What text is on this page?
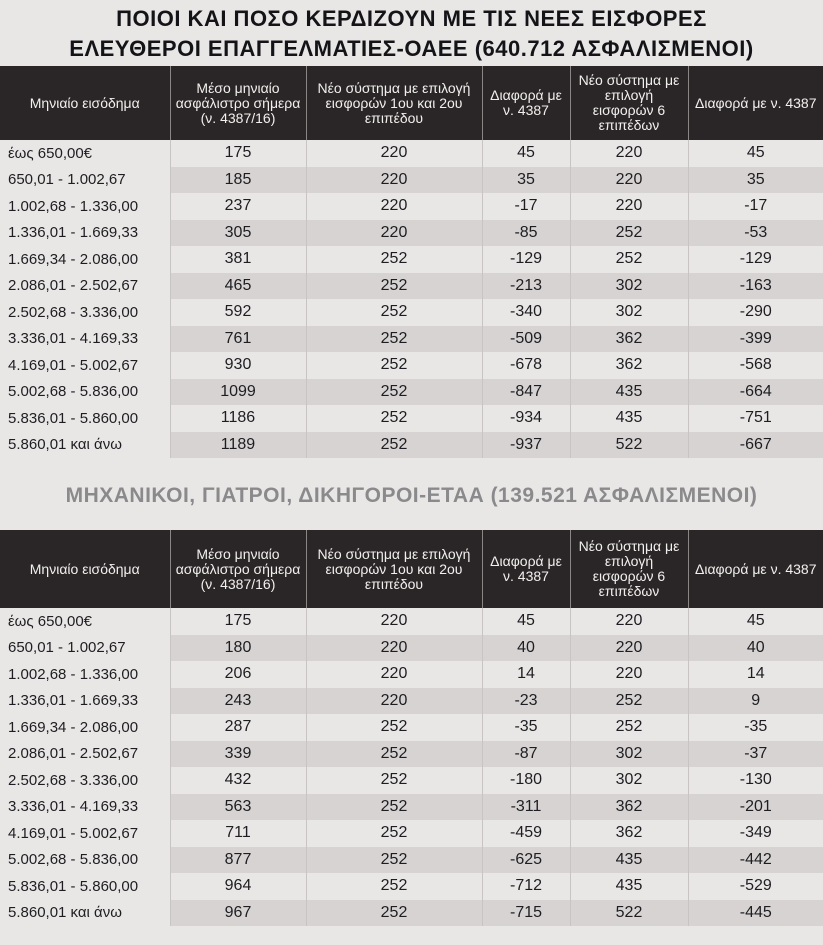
ΠΟΙΟΙ ΚΑΙ ΠΟΣΟ ΚΕΡΔΙΖΟΥΝ ΜΕ ΤΙΣ ΝΕΕΣ ΕΙΣΦΟΡΕΣ
ΕΛΕΥΘΕΡΟΙ ΕΠΑΓΓΕΛΜΑΤΙΕΣ-ΟΑΕΕ (640.712 ΑΣΦΑΛΙΣΜΕΝΟΙ)
Μηνιαίο εισόδημα	Μέσο μηνιαίο ασφάλιστρο σήμερα (ν. 4387/16)	Νέο σύστημα με επιλογή εισφορών 1ου και 2ου επιπέδου	Διαφορά με ν. 4387	Νέο σύστημα με επιλογή εισφορών 6 επιπέδων	Διαφορά με ν. 4387
έως 650,00€	175	220	45	220	45
650,01 - 1.002,67	185	220	35	220	35
1.002,68 - 1.336,00	237	220	-17	220	-17
1.336,01 - 1.669,33	305	220	-85	252	-53
1.669,34 - 2.086,00	381	252	-129	252	-129
2.086,01 - 2.502,67	465	252	-213	302	-163
2.502,68 - 3.336,00	592	252	-340	302	-290
3.336,01 - 4.169,33	761	252	-509	362	-399
4.169,01 - 5.002,67	930	252	-678	362	-568
5.002,68 - 5.836,00	1099	252	-847	435	-664
5.836,01 - 5.860,00	1186	252	-934	435	-751
5.860,01 και άνω	1189	252	-937	522	-667
ΜΗΧΑΝΙΚΟΙ, ΓΙΑΤΡΟΙ, ΔΙΚΗΓΟΡΟΙ-ΕΤΑΑ (139.521 ΑΣΦΑΛΙΣΜΕΝΟΙ)
Μηνιαίο εισόδημα	Μέσο μηνιαίο ασφάλιστρο σήμερα (ν. 4387/16)	Νέο σύστημα με επιλογή εισφορών 1ου και 2ου επιπέδου	Διαφορά με ν. 4387	Νέο σύστημα με επιλογή εισφορών 6 επιπέδων	Διαφορά με ν. 4387
έως 650,00€	175	220	45	220	45
650,01 - 1.002,67	180	220	40	220	40
1.002,68 - 1.336,00	206	220	14	220	14
1.336,01 - 1.669,33	243	220	-23	252	9
1.669,34 - 2.086,00	287	252	-35	252	-35
2.086,01 - 2.502,67	339	252	-87	302	-37
2.502,68 - 3.336,00	432	252	-180	302	-130
3.336,01 - 4.169,33	563	252	-311	362	-201
4.169,01 - 5.002,67	711	252	-459	362	-349
5.002,68 - 5.836,00	877	252	-625	435	-442
5.836,01 - 5.860,00	964	252	-712	435	-529
5.860,01 και άνω	967	252	-715	522	-445
